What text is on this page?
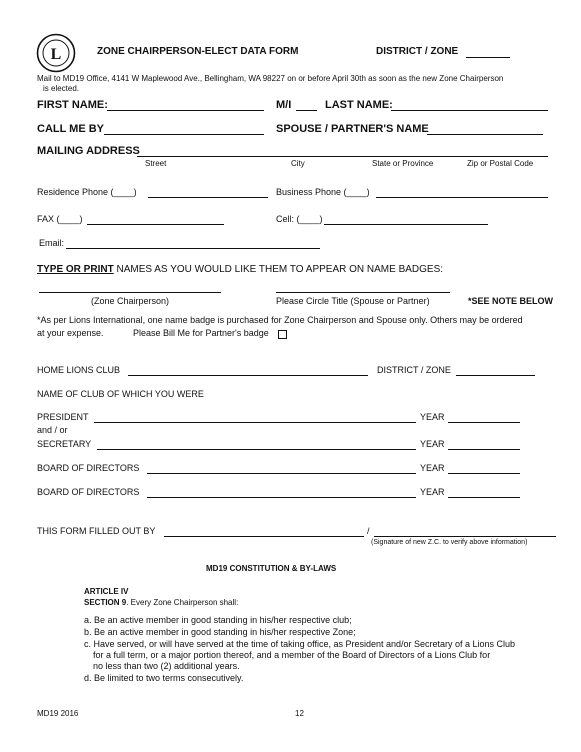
L	ZONE CHAIRPERSON-ELECT DATA FORM	DISTRICT / ZONE
Mail to MD19 Office, 4141 W Maplewood Ave., Bellingham, WA 98227 on or before April 30th as soon as the new Zone Chairperson
is elected.
FIRST NAME:	M/I	LAST NAME:
CALL ME BY	SPOUSE / PARTNER'S NAME
MAILING ADDRESS
Street	City	State or Province	Zip or Postal Code
Residence Phone (____)	Business Phone (____)
FAX (____)	Cell: (____)
Email:
TYPE OR PRINT NAMES AS YOU WOULD LIKE THEM TO APPEAR ON NAME BADGES:
(Zone Chairperson)	Please Circle Title (Spouse or Partner)	*SEE NOTE BELOW
*As per Lions International, one name badge is purchased for Zone Chairperson and Spouse only. Others may be ordered
at your expense.	Please Bill Me for Partner's badge
HOME LIONS CLUB	DISTRICT / ZONE
NAME OF CLUB OF WHICH YOU WERE
PRESIDENT	YEAR
and / or
SECRETARY	YEAR
BOARD OF DIRECTORS	YEAR
BOARD OF DIRECTORS	YEAR
THIS FORM FILLED OUT BY	/
(Signature of new Z.C. to verify above information)
MD19 CONSTITUTION & BY-LAWS
ARTICLE IV
SECTION 9. Every Zone Chairperson shall:
a. Be an active member in good standing in his/her respective club;
b. Be an active member in good standing in his/her respective Zone;
c. Have served, or will have served at the time of taking office, as President and/or Secretary of a Lions Club
for a full term, or a major portion thereof, and a member of the Board of Directors of a Lions Club for
no less than two (2) additional years.
d. Be limited to two terms consecutively.
MD19 2016	12
